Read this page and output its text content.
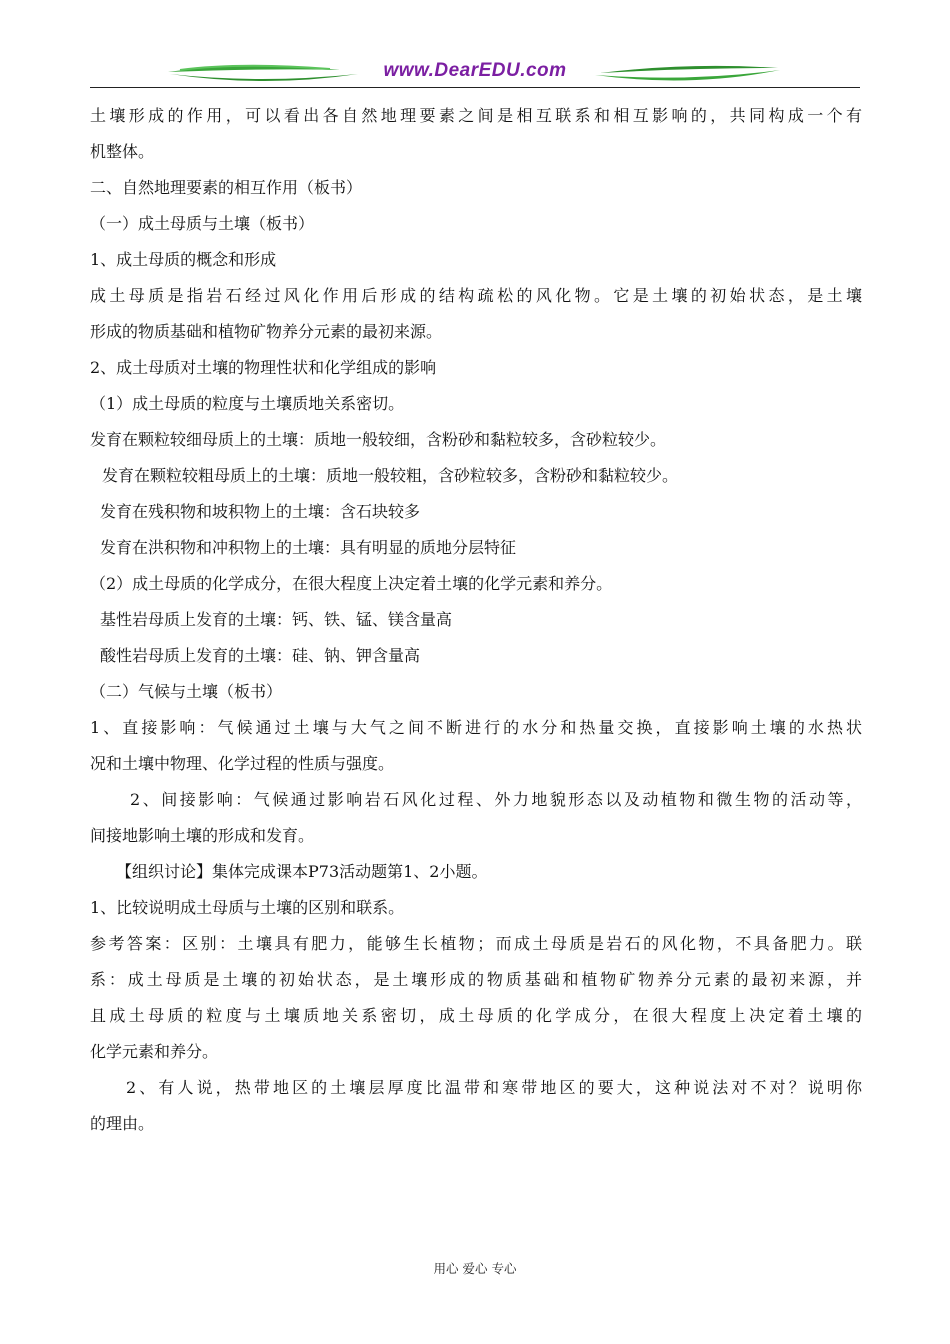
www.DearEDU.com
土壤形成的作用，可以看出各自然地理要素之间是相互联系和相互影响的，共同构成一个有
机整体。
二、自然地理要素的相互作用（板书）
（一）成土母质与土壤（板书）
1、成土母质的概念和形成
成土母质是指岩石经过风化作用后形成的结构疏松的风化物。它是土壤的初始状态，是土壤
形成的物质基础和植物矿物养分元素的最初来源。
2、成土母质对土壤的物理性状和化学组成的影响
（1）成土母质的粒度与土壤质地关系密切。
发育在颗粒较细母质上的土壤：质地一般较细，含粉砂和黏粒较多，含砂粒较少。
发育在颗粒较粗母质上的土壤：质地一般较粗，含砂粒较多，含粉砂和黏粒较少。
发育在残积物和坡积物上的土壤：含石块较多
发育在洪积物和冲积物上的土壤：具有明显的质地分层特征
（2）成土母质的化学成分，在很大程度上决定着土壤的化学元素和养分。
基性岩母质上发育的土壤：钙、铁、锰、镁含量高
酸性岩母质上发育的土壤：硅、钠、钾含量高
（二）气候与土壤（板书）
1、直接影响：气候通过土壤与大气之间不断进行的水分和热量交换，直接影响土壤的水热状
况和土壤中物理、化学过程的性质与强度。
2、间接影响：气候通过影响岩石风化过程、外力地貌形态以及动植物和微生物的活动等，
间接地影响土壤的形成和发育。
【组织讨论】集体完成课本P73活动题第1、2小题。
1、比较说明成土母质与土壤的区别和联系。
参考答案：区别：土壤具有肥力，能够生长植物；而成土母质是岩石的风化物，不具备肥力。联
系：成土母质是土壤的初始状态，是土壤形成的物质基础和植物矿物养分元素的最初来源，并
且成土母质的粒度与土壤质地关系密切，成土母质的化学成分，在很大程度上决定着土壤的
化学元素和养分。
2、有人说，热带地区的土壤层厚度比温带和寒带地区的要大，这种说法对不对？说明你
的理由。
用心 爱心 专心
